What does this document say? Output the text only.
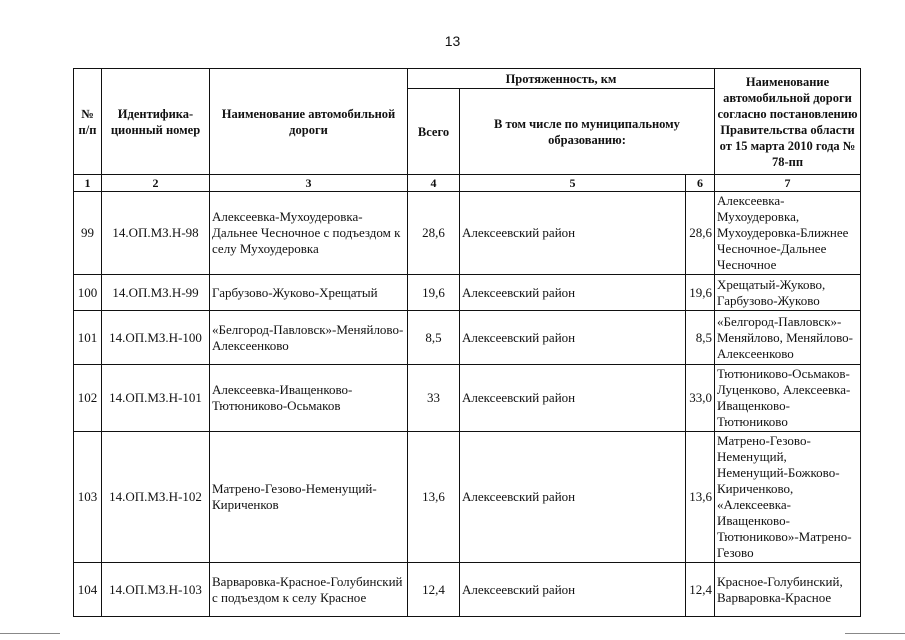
13
№ п/п	Идентифика- ционный номер	Наименование автомобильной дороги	Протяженность, км			Наименование автомобильной дороги согласно постановлению Правительства области от 15 марта 2010 года № 78-пп
			Всего	В том числе по муниципальному образованию:		
1	2	3	4	5	6	7
99	14.ОП.МЗ.Н-98	Алексеевка-Мухоудеровка-Дальнее Чесночное с подъездом к селу Мухоудеровка	28,6	Алексеевский район	28,6	Алексеевка-Мухоудеровка, Мухоудеровка-Ближнее Чесночное-Дальнее Чесночное
100	14.ОП.МЗ.Н-99	Гарбузово-Жуково-Хрещатый	19,6	Алексеевский район	19,6	Хрещатый-Жуково, Гарбузово-Жуково
101	14.ОП.МЗ.Н-100	«Белгород-Павловск»-Меняйлово-Алексеенково	8,5	Алексеевский район	8,5	«Белгород-Павловск»-Меняйлово, Меняйлово-Алексеенково
102	14.ОП.МЗ.Н-101	Алексеевка-Иващенково-Тютюниково-Осьмаков	33	Алексеевский район	33,0	Тютюниково-Осьмаков-Луценково, Алексеевка-Иващенково-Тютюниково
103	14.ОП.МЗ.Н-102	Матрено-Гезово-Неменущий-Кириченков	13,6	Алексеевский район	13,6	Матрено-Гезово-Неменущий, Неменущий-Божково-Кириченково, «Алексеевка-Иващенково-Тютюниково»-Матрено-Гезово
104	14.ОП.МЗ.Н-103	Варваровка-Красное-Голубинский с подъездом к селу Красное	12,4	Алексеевский район	12,4	Красное-Голубинский, Варваровка-Красное
